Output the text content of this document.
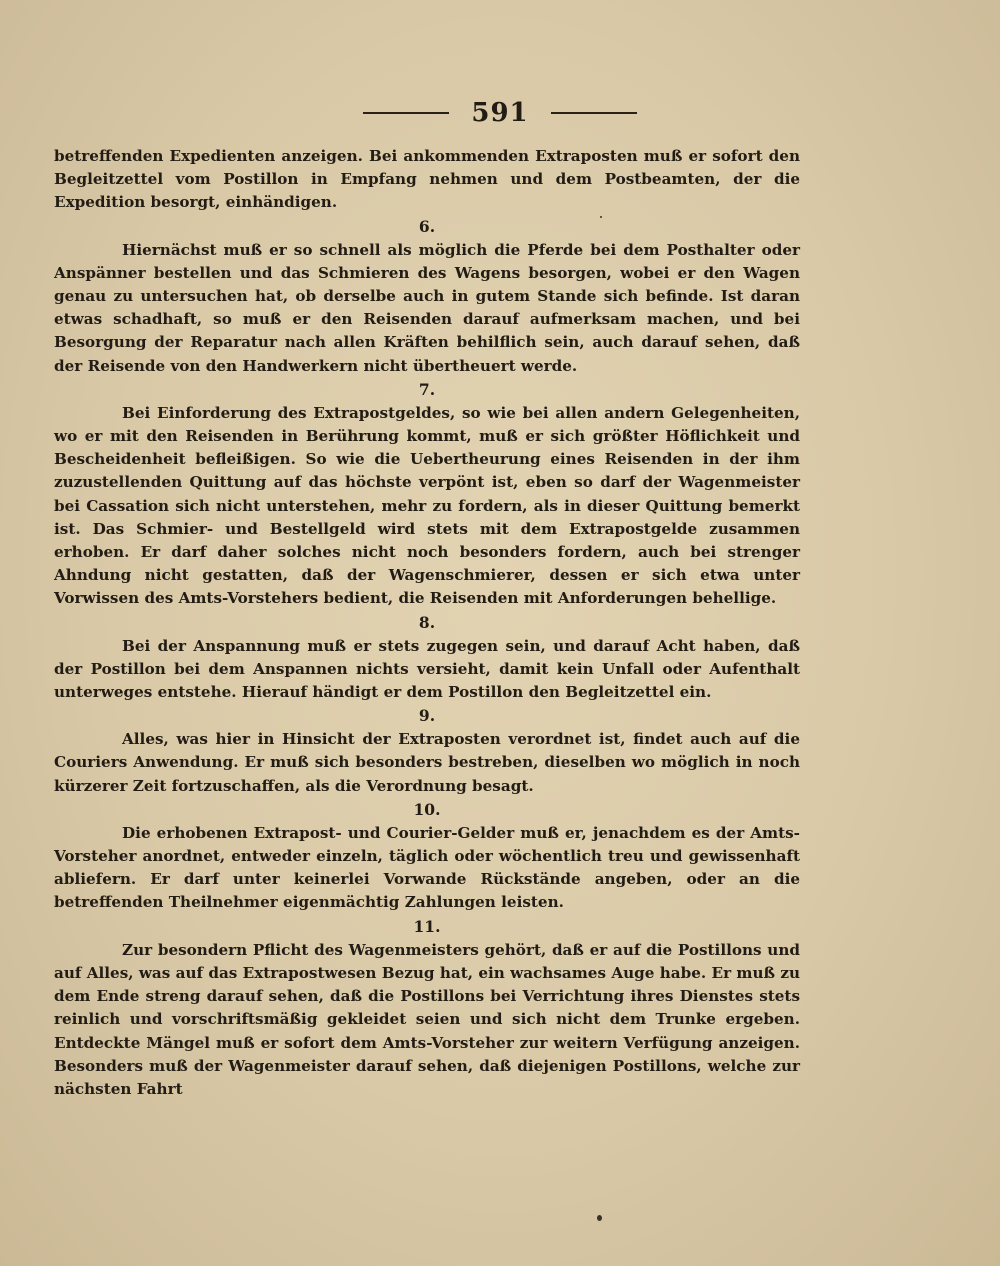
591

betreffenden Expedienten anzeigen. Bei ankommenden Extraposten muß er sofort den Begleitzettel vom Postillon in Empfang nehmen und dem Postbeamten, der die Expedition besorgt, einhändigen.

6.

Hiernächst muß er so schnell als möglich die Pferde bei dem Posthalter oder Anspänner bestellen und das Schmieren des Wagens besorgen, wobei er den Wagen genau zu untersuchen hat, ob derselbe auch in gutem Stande sich befinde. Ist daran etwas schadhaft, so muß er den Reisenden darauf aufmerksam machen, und bei Besorgung der Reparatur nach allen Kräften behilflich sein, auch darauf sehen, daß der Reisende von den Handwerkern nicht übertheuert werde.

7.

Bei Einforderung des Extrapostgeldes, so wie bei allen andern Gelegenheiten, wo er mit den Reisenden in Berührung kommt, muß er sich größter Höflichkeit und Bescheidenheit befleißigen. So wie die Uebertheurung eines Reisenden in der ihm zuzustellenden Quittung auf das höchste verpönt ist, eben so darf der Wagenmeister bei Cassation sich nicht unterstehen, mehr zu fordern, als in dieser Quittung bemerkt ist. Das Schmier- und Bestellgeld wird stets mit dem Extrapostgelde zusammen erhoben. Er darf daher solches nicht noch besonders fordern, auch bei strenger Ahndung nicht gestatten, daß der Wagenschmierer, dessen er sich etwa unter Vorwissen des Amts-Vorstehers bedient, die Reisenden mit Anforderungen behellige.

8.

Bei der Anspannung muß er stets zugegen sein, und darauf Acht haben, daß der Postillon bei dem Anspannen nichts versieht, damit kein Unfall oder Aufenthalt unterweges entstehe. Hierauf händigt er dem Postillon den Begleitzettel ein.

9.

Alles, was hier in Hinsicht der Extraposten verordnet ist, findet auch auf die Couriers Anwendung. Er muß sich besonders bestreben, dieselben wo möglich in noch kürzerer Zeit fortzuschaffen, als die Verordnung besagt.

10.

Die erhobenen Extrapost- und Courier-Gelder muß er, jenachdem es der Amts-Vorsteher anordnet, entweder einzeln, täglich oder wöchentlich treu und gewissenhaft abliefern. Er darf unter keinerlei Vorwande Rückstände angeben, oder an die betreffenden Theilnehmer eigenmächtig Zahlungen leisten.

11.

Zur besondern Pflicht des Wagenmeisters gehört, daß er auf die Postillons und auf Alles, was auf das Extrapostwesen Bezug hat, ein wachsames Auge habe. Er muß zu dem Ende streng darauf sehen, daß die Postillons bei Verrichtung ihres Dienstes stets reinlich und vorschriftsmäßig gekleidet seien und sich nicht dem Trunke ergeben. Entdeckte Mängel muß er sofort dem Amts-Vorsteher zur weitern Verfügung anzeigen. Besonders muß der Wagenmeister darauf sehen, daß diejenigen Postillons, welche zur nächsten Fahrt
